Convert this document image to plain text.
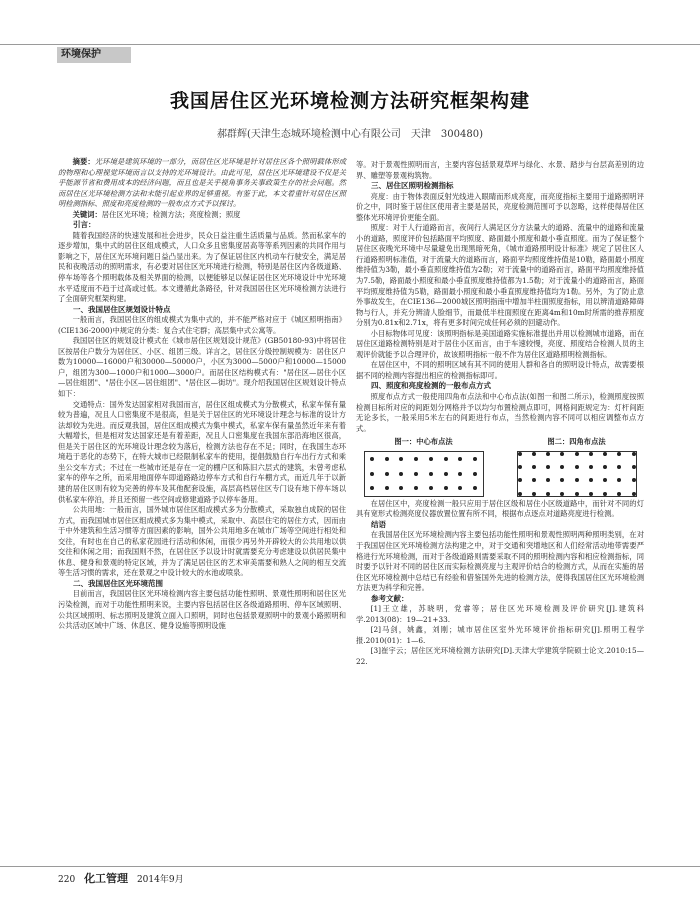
环境保护
我国居住区光环境检测方法研究框架构建
郝群辉(天津生态城环境检测中心有限公司　天津　300480)

摘要：光环境是建筑环境的一部分，而居住区光环境是针对居住区各个照明载体形成的物理和心理视觉环境而言以支持的光环境设计。由此可见，居住区光环境建设不仅是关乎能源节省和费用成本的经济问题，而且也是关乎视角事务关事政策生存的社会问题。然而居住区光环境检测方法和未能引起业界的足够重视。有鉴于此，本文着重针对居住区照明检测指标、照度和亮度检测的一般布点方式予以探讨。

关键词：居住区光环境；检测方法；亮度检测；照度

引言：

随着我国经济的快速发展和社会进步，民众日益注重生活质量与品质。然而私家车的逐步增加，集中式的居住区组成模式，人口众多且密集度居高等等系列因素的共同作用与影响之下，居住区光环境问题日益凸显出来。为了保证居住区内机动车行驶安全，满足居民和夜晚活动的照明需求，有必要对居住区光环境进行检测，特别是居住区内各级道路、停车场等各个照明载体及相关界面的检测，以便能够足以保证居住区光环境设计中光环境水平适度而不趋于过高或过低。本文遵循此条路径，针对我国居住区光环境检测方法进行了全面研究框架构建。

一、我国居住区规划设计特点

一般而言，我国居住区的组成模式为集中式的，并不能严格对应于《城区照明指南》(CIE136-2000)中规定的分类：复合式住宅群；高层集中式公寓等。

我国居住区的规划设计模式在《城市居住区规划设计规范》(GB50180-93)中将居住区按居住户数分为居住区、小区、组团三级。详言之，居住区分级控制规模为：居住区户数为10000—16000户和30000—50000户，小区为3000—5000户和10000—15000户，组团为300—1000户和1000—3000户。而居住区结构模式有："居住区—居住小区—居住组团"、"居住小区—居住组团"、"居住区—街坊"。现介绍我国居住区规划设计特点如下：

交通特点：国外发达国家相对我国而言，居住区组成模式为分散模式，私家车保有量较为普遍，况且人口密集度不是很高，但是关于居住区的光环境设计理念与标准的设计方法却较为先进。而反观我国，居住区组成模式为集中模式，私家车保有量虽然近年来有着大幅增长，但是相对发达国家还是有着差距，况且人口密集度在我国东部沿海地区很高，但是关于居住区的光环境设计理念较为落后，检测方法也存在不足；同时，在我国生态环境趋于恶化的态势下，在特大城市已经限制私家车的使用，提倡鼓励自行车出行方式和乘坐公交车方式；不过在一些城市还是存在一定的棚户区和陈旧六层式的建筑，未曾考虑私家车的停车之所，而采用地面停车即道路路边停车方式和自行车棚方式，而近几年于以新建的居住区则有较为完善的停车及其他配套设施，高层高档居住区专门设有地下停车场以供私家车停泊，并且还预留一些空间或修建道路予以停车备用。

公共用地：一般而言，国外城市居住区组成模式多为分散模式，采取独自成院的居住方式，而我国城市居住区组成模式多为集中模式，采取中、高层住宅的居住方式，因而由于中外建筑和生活习惯等方面因素的影响，国外公共用地多在城市广场等空间进行相处和交往，有时也在自己的私家花园进行活动和休闲，而很少再另外开辟较大的公共用地以供交往和休闲之用；而我国则不然，在居住区予以设计时就需要充分考虑建设以供居民集中休息、健身和景观的特定区域，并为了满足居住区的艺术审美需要和熟人之间的相互交流等生活习惯的需求，还在景观之中设计较大的水池或喷泉。

二、我国居住区光环境范围

目前而言，我国居住区光环境检测内容主要包括功能性照明、景观性照明和居住区光污染检测，而对于功能性照明来说，主要内容包括居住区各级道路照明、停车区域照明、公共区域照明、标志照明及建筑立面入口照明，同时也包括景观照明中的景观小路照明和公共活动区域中广场、休息区、健身设施等照明设施

等。对于景观性照明而言，主要内容包括景观草坪与绿化、水景、踏步与台层高差别的边界、雕塑等景观构筑物。

三、居住区照明检测指标

亮度：由于物体表面反射光线进入眼睛而形成亮度，而亮度指标主要用于道路照明评价之中，同时鉴于居住区使用者主要是居民，亮度检测范围可予以忽略，这样使得居住区整体光环境评价更能全面。

照度：对于人行道路而言，夜间行人满足区分方法量大的道路、流量中的道路和流量小的道路，照度评价包括路面平均照度、路面最小照度和最小垂直照度。而为了保证整个居住区夜晚光环境中尽量避免出现黑暗死角，《城市道路照明设计标准》规定了居住区人行道路照明标准值，对于流量大的道路而言，路面平均照度维持值是10勒，路面最小照度维持值为3勒，最小垂直照度维持值为2勒；对于流量中的道路而言，路面平均照度维持值为7.5勒，路面最小照度和最小垂直照度维持值都为1.5勒；对于流量小的道路而言，路面平均照度维持值为5勒，路面最小照度和最小垂直照度维持值均为1勒。另外，为了防止意外事故发生，在CIE136—2000城区照明指南中增加半柱面照度指标，用以辨清道路障碍物与行人，并充分辨清人脸细节，而最低半柱面照度在距离4m和10m时所需的推荐照度分别为0.81x和2.71x，将有更多时间完成任何必须的回避动作。

小目标物体可见度：该照明指标是美国道路实施标准提出并用以检测城市道路，而在居住区道路检测特别是对于居住小区而言，由于车速较慢，亮度、照度结合检测人员的主观评价就能予以合理评价，故该照明指标一般不作为居住区道路照明检测指标。

在居住区中，不同的照明区域有其不同的使用人群和各自的照明设计特点，故需要根据不同的检测内容提出相应的检测指标即可。

四、照度和亮度检测的一般布点方式

照度布点方式一般使用四角布点法和中心布点法(如图一和图二所示)，检测照度按照检测目标所对应的间距划分网格并予以均匀布置检测点即可，网格间距规定为：灯杆间距无论多长，一般采用5米左右的间距进行布点，当然检测内容不同可以相应调整布点方式。

图一：中心布点法	图二：四角布点法

在居住区中，亮度检测一般只应用于居住区级和居住小区级道路中，而针对不同的灯具有宽形式检测亮度仪器放置位置有所不同，根据布点逐点对道路亮度进行检测。

结语

在我国居住区光环境检测内容主要包括功能性照明和景观性照明两种照明类别，在对于我国居住区光环境检测方法构建之中，对于交通和突增地区和人们经常活动地带需要严格进行光环境检测，而对于各级道路则需要采取不同的照明检测内容和相应检测指标，同时要予以针对不同的居住区而实际检测亮度与主观评价结合的检测方式，从而在实施的居住区光环境检测中总结已有经验和借鉴国外先进的检测方法，使得我国居住区光环境检测方法更为科学和完善。

参考文献：

[1]王立雄，苏晓明，党睿等；居住区光环境检测及评价研究[J].建筑科学.2013(08)：19—21+33.

[2]马剑，姚鑫，刘刚；城市居住区室外光环境评价指标研究[J].照明工程学报.2010(01)：1—6.

[3]崔宇云；居住区光环境检测方法研究[D].天津大学建筑学院硕士论文.2010:15—22.

220 化工管理 2014年9月
